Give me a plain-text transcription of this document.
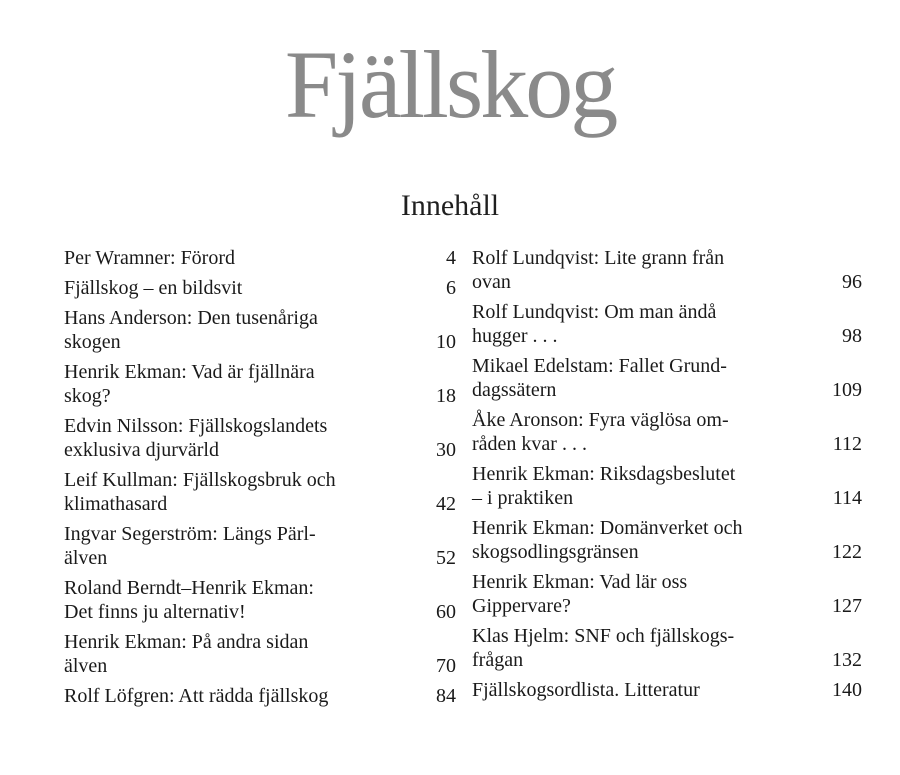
Fjällskog
Innehåll
Per Wramner: Förord	4
Fjällskog – en bildsvit	6
Hans Anderson: Den tusenåriga
skogen	10
Henrik Ekman: Vad är fjällnära
skog?	18
Edvin Nilsson: Fjällskogslandets
exklusiva djurvärld	30
Leif Kullman: Fjällskogsbruk och
klimathasard	42
Ingvar Segerström: Längs Pärl-
älven	52
Roland Berndt–Henrik Ekman:
Det finns ju alternativ!	60
Henrik Ekman: På andra sidan
älven	70
Rolf Löfgren: Att rädda fjällskog	84
Rolf Lundqvist: Lite grann från
ovan	96
Rolf Lundqvist: Om man ändå
hugger . . .	98
Mikael Edelstam: Fallet Grund-
dagssätern	109
Åke Aronson: Fyra väglösa om-
råden kvar . . .	112
Henrik Ekman: Riksdagsbeslutet
– i praktiken	114
Henrik Ekman: Domänverket och
skogsodlingsgränsen	122
Henrik Ekman: Vad lär oss
Gippervare?	127
Klas Hjelm: SNF och fjällskogs-
frågan	132
Fjällskogsordlista. Litteratur	140
